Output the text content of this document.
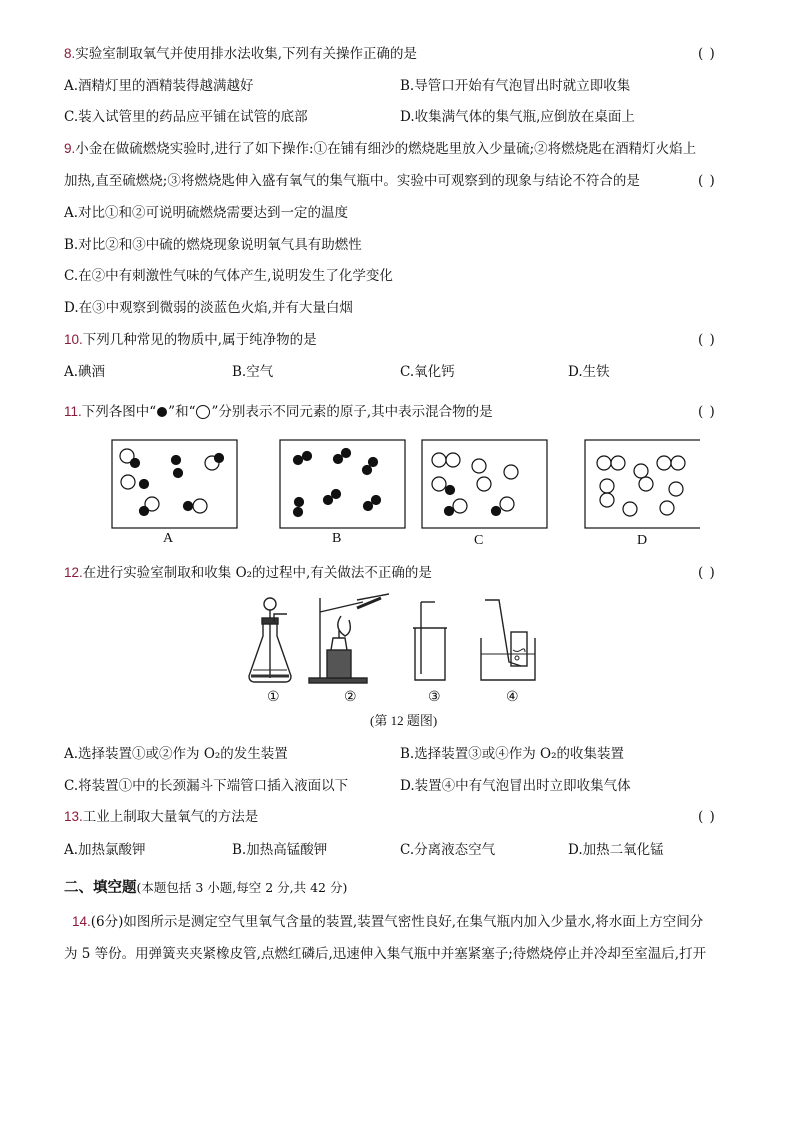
8.实验室制取氧气并使用排水法收集,下列有关操作正确的是	( )
A.酒精灯里的酒精装得越满越好	B.导管口开始有气泡冒出时就立即收集
C.装入试管里的药品应平铺在试管的底部	D.收集满气体的集气瓶,应倒放在桌面上
9.小金在做硫燃烧实验时,进行了如下操作:①在铺有细沙的燃烧匙里放入少量硫;②将燃烧匙在酒精灯火焰上
加热,直至硫燃烧;③将燃烧匙伸入盛有氧气的集气瓶中。实验中可观察到的现象与结论不符合的是	( )
A.对比①和②可说明硫燃烧需要达到一定的温度
B.对比②和③中硫的燃烧现象说明氧气具有助燃性
C.在②中有刺激性气味的气体产生,说明发生了化学变化
D.在③中观察到微弱的淡蓝色火焰,并有大量白烟
10.下列几种常见的物质中,属于纯净物的是	( )
A.碘酒	B.空气	C.氧化钙	D.生铁
11.下列各图中“ ”和“ ”分别表示不同元素的原子,其中表示混合物的是	( )
A	B	C	D
12.在进行实验室制取和收集 O₂的过程中,有关做法不正确的是	( )
①	②	③	④
(第 12 题图)
A.选择装置①或②作为 O₂的发生装置	B.选择装置③或④作为 O₂的收集装置
C.将装置①中的长颈漏斗下端管口插入液面以下	D.装置④中有气泡冒出时立即收集气体
13.工业上制取大量氧气的方法是	( )
A.加热氯酸钾	B.加热高锰酸钾	C.分离液态空气	D.加热二氧化锰
二、填空题(本题包括 3 小题,每空 2 分,共 42 分)
14.(6分)如图所示是测定空气里氧气含量的装置,装置气密性良好,在集气瓶内加入少量水,将水面上方空间分
为 5 等份。用弹簧夹夹紧橡皮管,点燃红磷后,迅速伸入集气瓶中并塞紧塞子;待燃烧停止并冷却至室温后,打开
